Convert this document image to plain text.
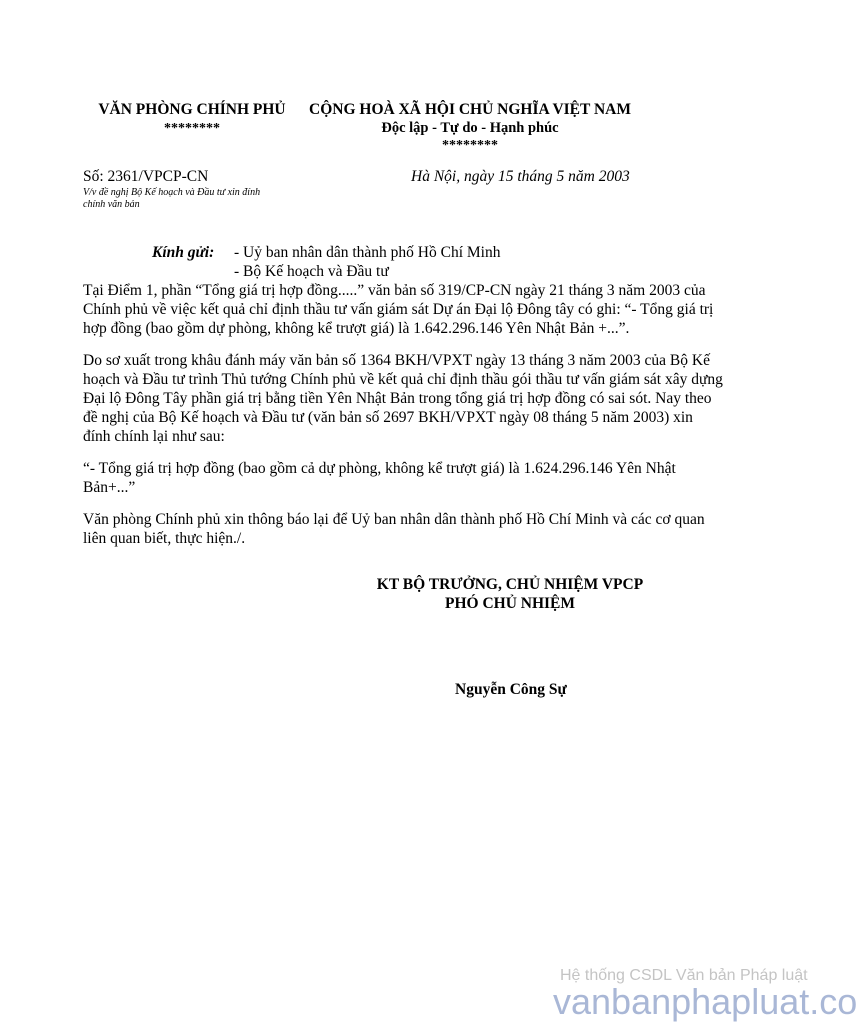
VĂN PHÒNG CHÍNH PHỦ
********
CỘNG HOÀ XÃ HỘI CHỦ NGHĨA VIỆT NAM
Độc lập - Tự do - Hạnh phúc
********
Số: 2361/VPCP-CN
V/v đề nghị Bộ Kế hoạch và Đầu tư xin đính
chính văn bản
Hà Nội, ngày 15 tháng 5 năm 2003
Kính gửi: - Uỷ ban nhân dân thành phố Hồ Chí Minh
- Bộ Kế hoạch và Đầu tư

Tại Điểm 1, phần “Tổng giá trị hợp đồng.....” văn bản số 319/CP-CN ngày 21 tháng 3 năm 2003 của Chính phủ về việc kết quả chỉ định thầu tư vấn giám sát Dự án Đại lộ Đông tây có ghi: “- Tổng giá trị hợp đồng (bao gồm dự phòng, không kể trượt giá) là 1.642.296.146 Yên Nhật Bản +...”.

Do sơ xuất trong khâu đánh máy văn bản số 1364 BKH/VPXT ngày 13 tháng 3 năm 2003 của Bộ Kế hoạch và Đầu tư trình Thủ tướng Chính phủ về kết quả chỉ định thầu gói thầu tư vấn giám sát xây dựng Đại lộ Đông Tây phần giá trị bằng tiền Yên Nhật Bản trong tổng giá trị hợp đồng có sai sót. Nay theo đề nghị của Bộ Kế hoạch và Đầu tư (văn bản số 2697 BKH/VPXT ngày 08 tháng 5 năm 2003) xin đính chính lại như sau:

“- Tổng giá trị hợp đồng (bao gồm cả dự phòng, không kể trượt giá) là 1.624.296.146 Yên Nhật Bản+...”

Văn phòng Chính phủ xin thông báo lại để Uỷ ban nhân dân thành phố Hồ Chí Minh và các cơ quan liên quan biết, thực hiện./.

KT BỘ TRƯỞNG, CHỦ NHIỆM VPCP
PHÓ CHỦ NHIỆM
Nguyễn Công Sự
Hệ thống CSDL Văn bản Pháp luật
vanbanphapluat.co
